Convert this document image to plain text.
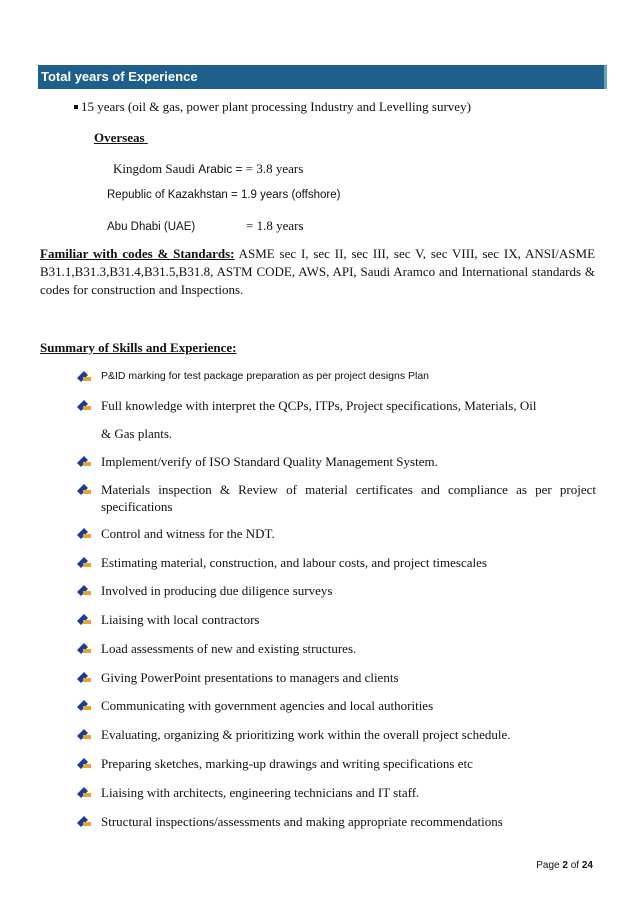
Total years of Experience
15 years (oil & gas, power plant processing Industry and Levelling survey)
Overseas
Kingdom Saudi Arabic = = 3.8 years
Republic of Kazakhstan = 1.9 years (offshore)
Abu Dhabi (UAE)	= 1.8 years
Familiar with codes & Standards: ASME sec I, sec II, sec III, sec V, sec VIII, sec IX, ANSI/ASME B31.1,B31.3,B31.4,B31.5,B31.8, ASTM CODE, AWS, API, Saudi Aramco and International standards & codes for construction and Inspections.
Summary of Skills and Experience:
P&ID marking for test package preparation as per project designs Plan
Full knowledge with interpret the QCPs, ITPs, Project specifications, Materials, Oil
& Gas plants.
Implement/verify of ISO Standard Quality Management System.
Materials inspection & Review of material certificates and compliance as per project specifications
Control and witness for the NDT.
Estimating material, construction, and labour costs, and project timescales
Involved in producing due diligence surveys
Liaising with local contractors
Load assessments of new and existing structures.
Giving PowerPoint presentations to managers and clients
Communicating with government agencies and local authorities
Evaluating, organizing & prioritizing work within the overall project schedule.
Preparing sketches, marking-up drawings and writing specifications etc
Liaising with architects, engineering technicians and IT staff.
Structural inspections/assessments and making appropriate recommendations
Page 2 of 24
